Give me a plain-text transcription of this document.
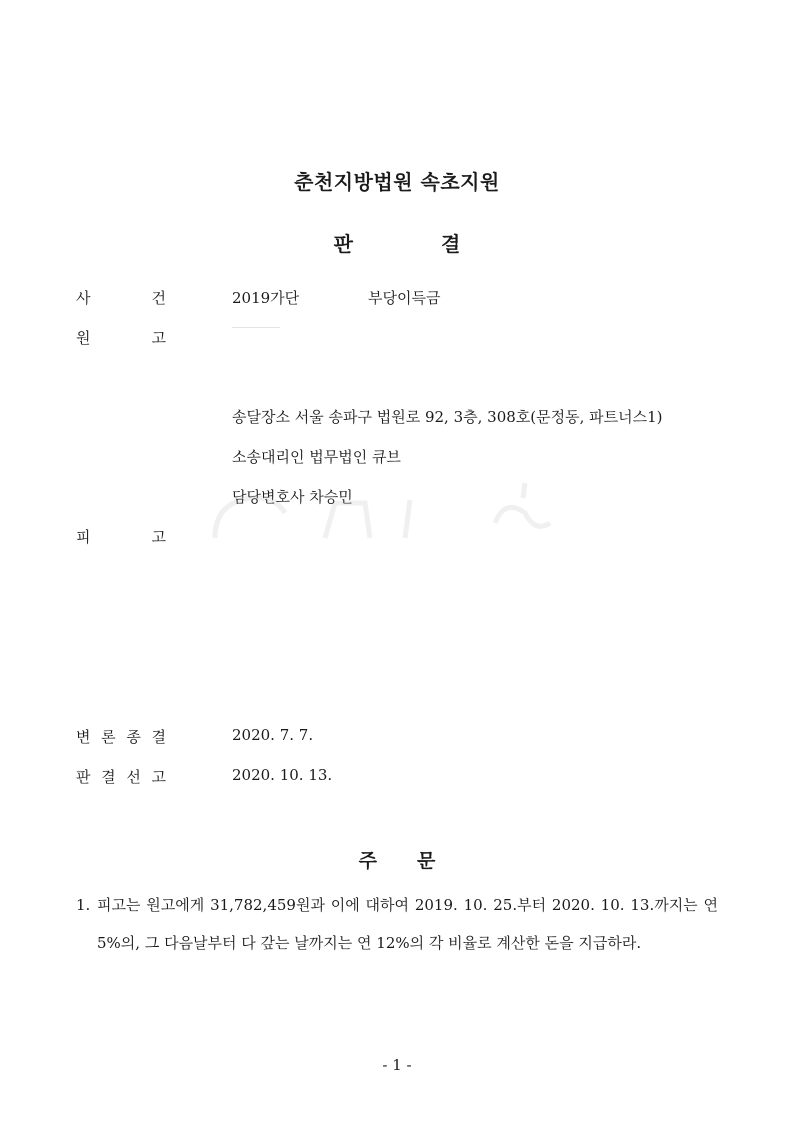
춘천지방법원 속초지원
판	결
사	건	2019가단	부당이득금
원	고
송달장소 서울 송파구 법원로 92, 3층, 308호(문정동, 파트너스1)
소송대리인 법무법인 큐브
담당변호사 차승민
피	고
변 론 종 결	2020. 7. 7.
판 결 선 고	2020. 10. 13.
주 문
1. 피고는 원고에게 31,782,459원과 이에 대하여 2019. 10. 25.부터 2020. 10. 13.까지는 연 5%의, 그 다음날부터 다 갚는 날까지는 연 12%의 각 비율로 계산한 돈을 지급하라.
- 1 -
